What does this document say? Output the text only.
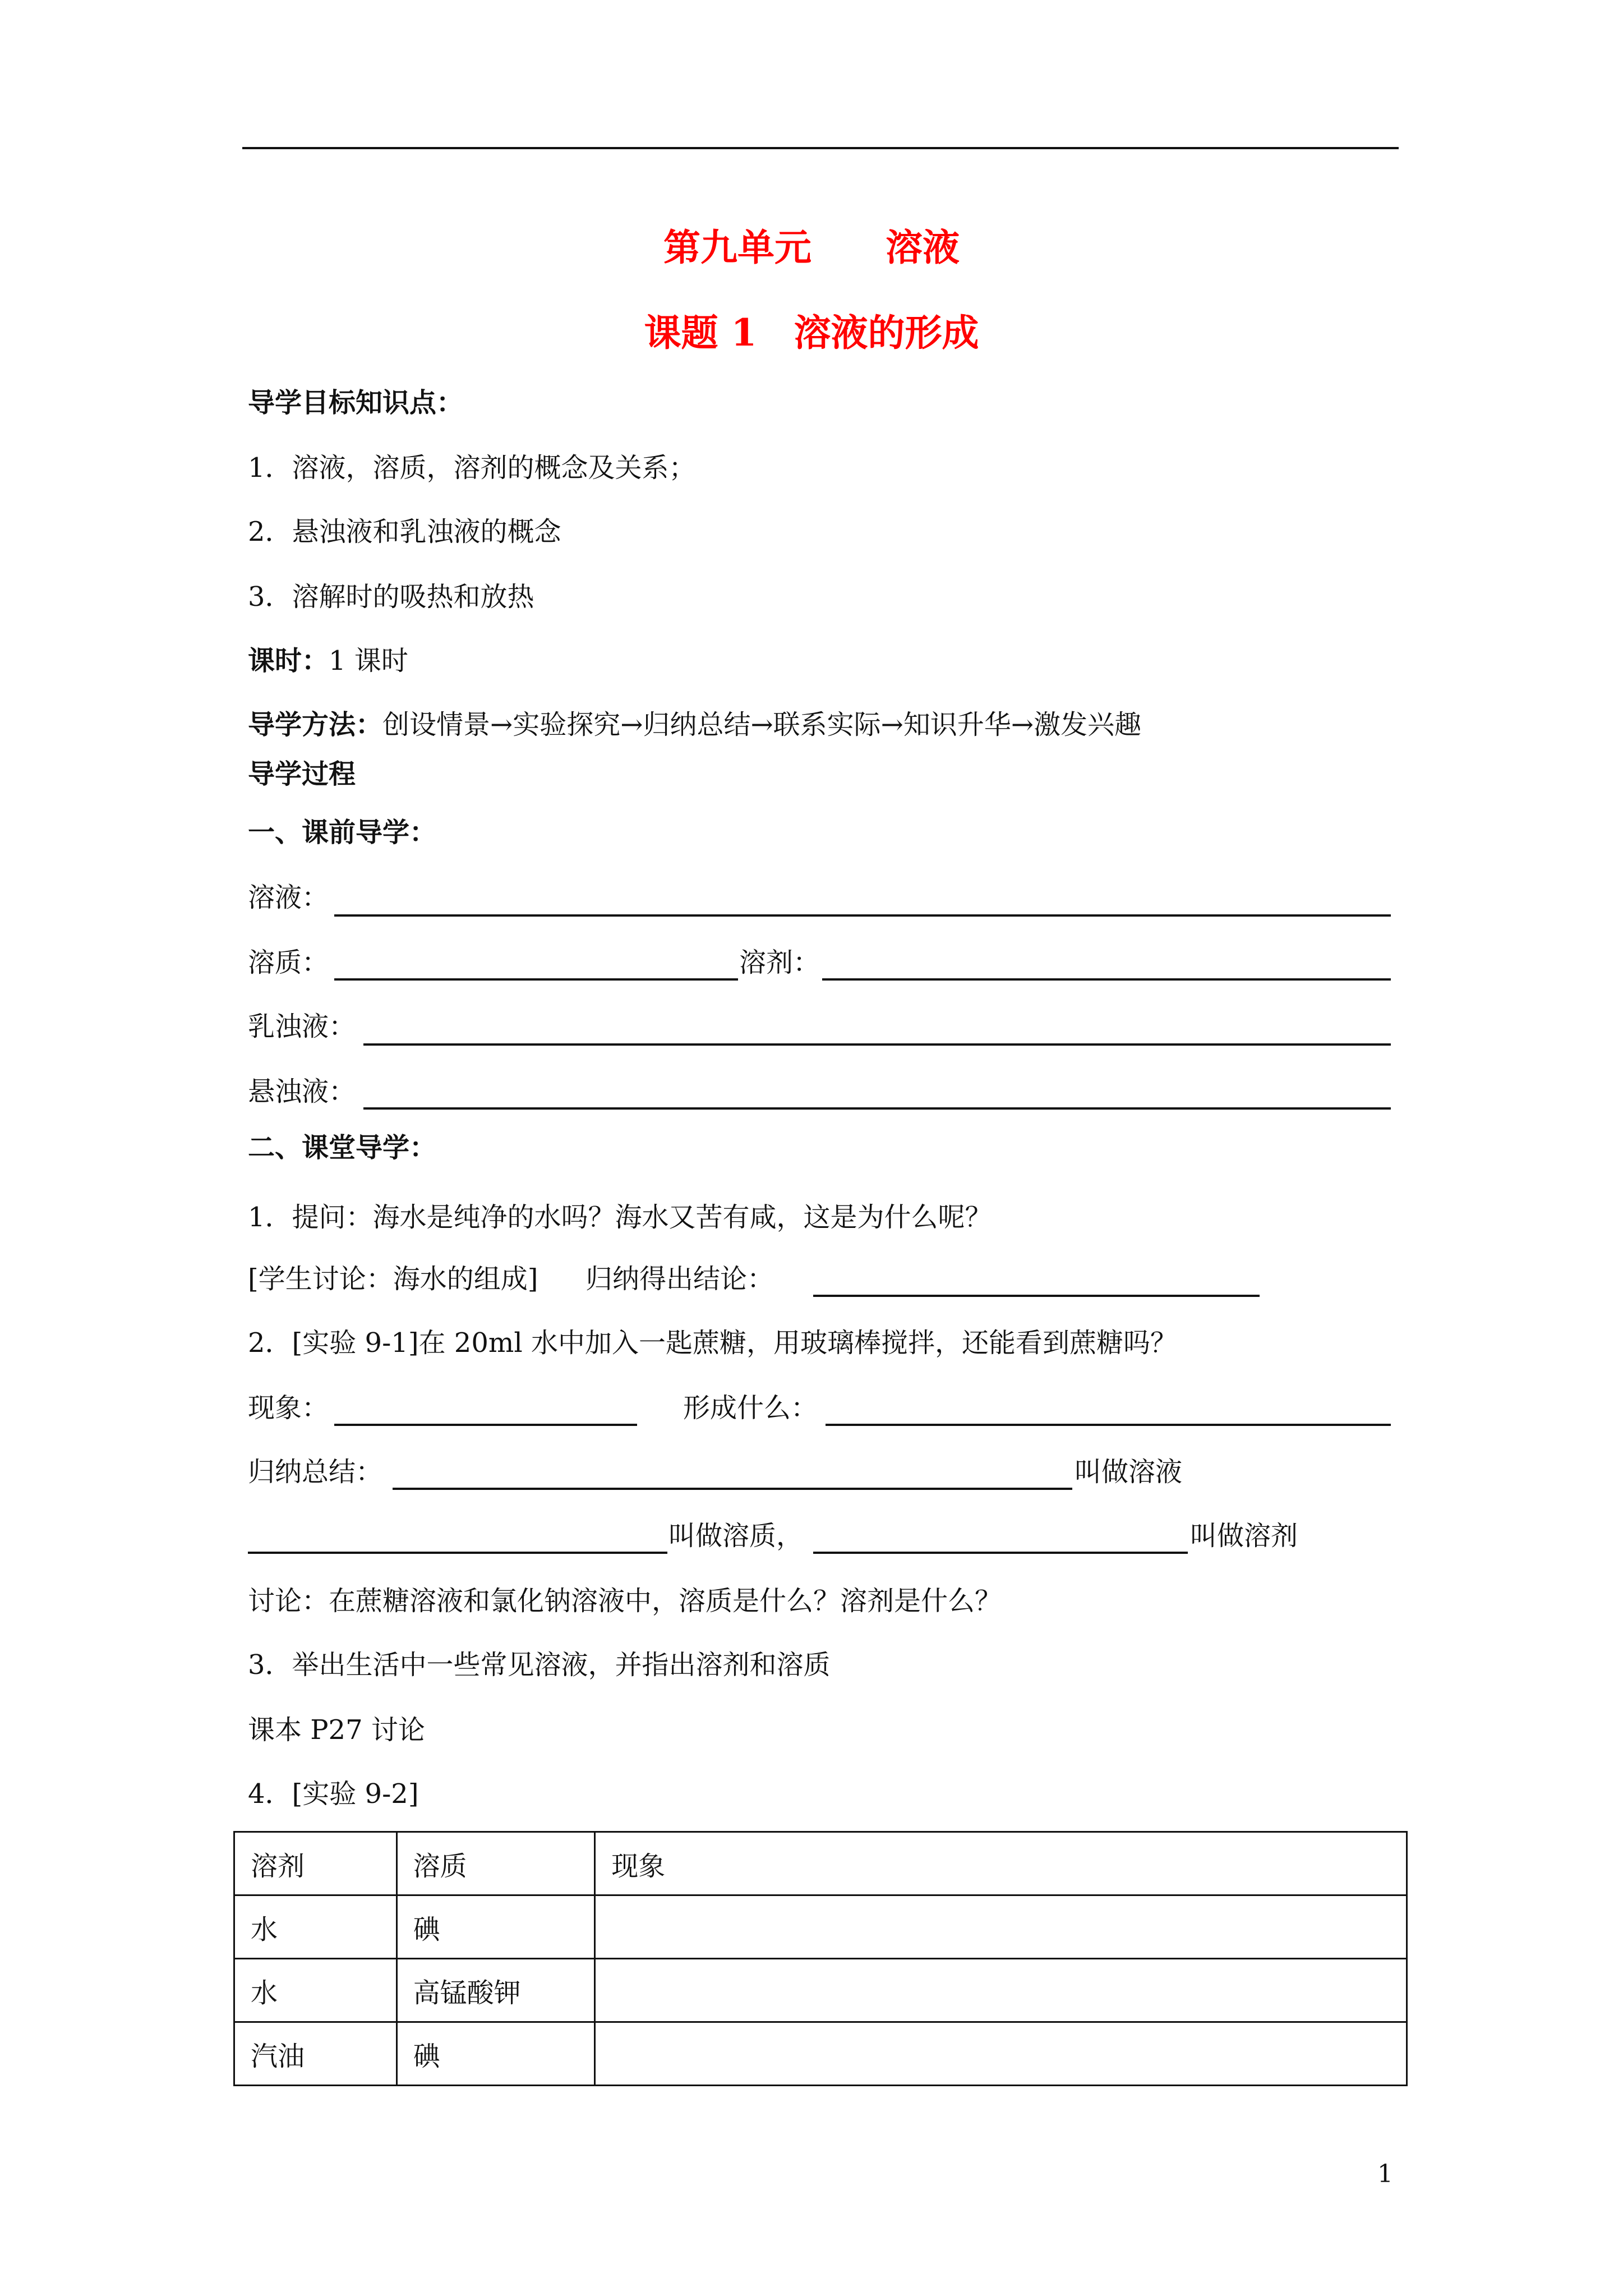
第九单元　　溶液
课题 1　溶液的形成
导学目标知识点：
1．溶液，溶质，溶剂的概念及关系；
2．悬浊液和乳浊液的概念
3．溶解时的吸热和放热
课时：1 课时
导学方法：创设情景→实验探究→归纳总结→联系实际→知识升华→激发兴趣
导学过程
一、课前导学：
溶液：
溶质：	溶剂：
乳浊液：
悬浊液：
二、课堂导学：
1．提问：海水是纯净的水吗？海水又苦有咸，这是为什么呢？
[学生讨论：海水的组成] 归纳得出结论：
2．[实验 9-1]在 20ml 水中加入一匙蔗糖，用玻璃棒搅拌，还能看到蔗糖吗？
现象：	形成什么：
归纳总结：	叫做溶液
叫做溶质，	叫做溶剂
讨论：在蔗糖溶液和氯化钠溶液中，溶质是什么？溶剂是什么？
3．举出生活中一些常见溶液，并指出溶剂和溶质
课本 P27 讨论
4．[实验 9-2]
溶剂	溶质	现象
水	碘	
水	高锰酸钾	
汽油	碘	
1
